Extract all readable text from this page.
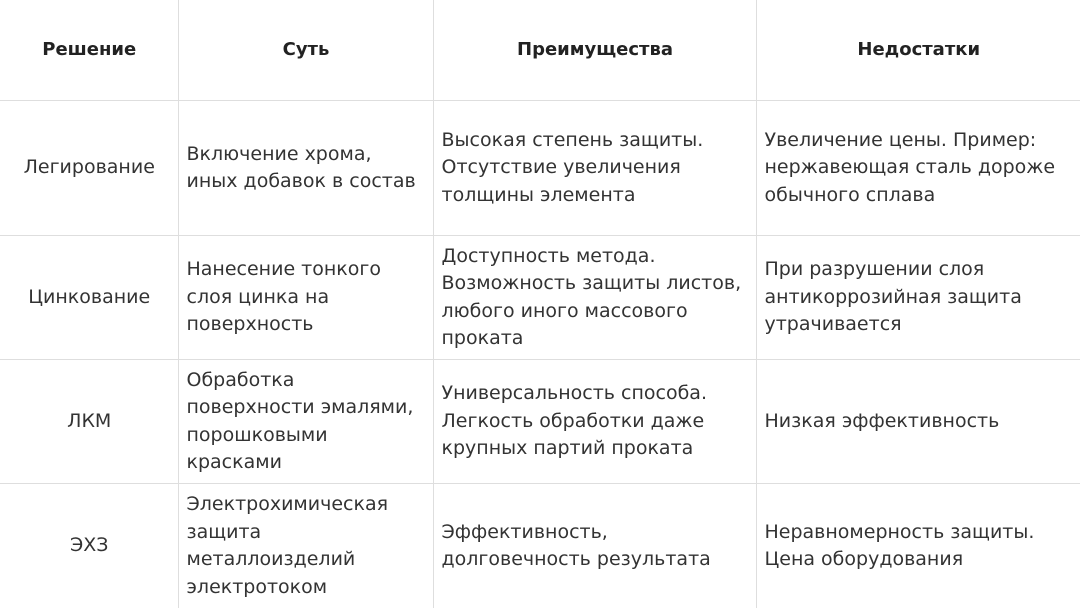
Решение	Суть	Преимущества	Недостатки
Легирование	Включение хрома, иных добавок в состав	Высокая степень защиты. Отсутствие увеличения толщины элемента	Увеличение цены. Пример: нержавеющая сталь дороже обычного сплава
Цинкование	Нанесение тонкого слоя цинка на поверхность	Доступность метода. Возможность защиты листов, любого иного массового проката	При разрушении слоя антикоррозийная защита утрачивается
ЛКМ	Обработка поверхности эмалями, порошковыми красками	Универсальность способа. Легкость обработки даже крупных партий проката	Низкая эффективность
ЭХЗ	Электрохимическая защита металлоизделий электротоком	Эффективность, долговечность результата	Неравномерность защиты. Цена оборудования
